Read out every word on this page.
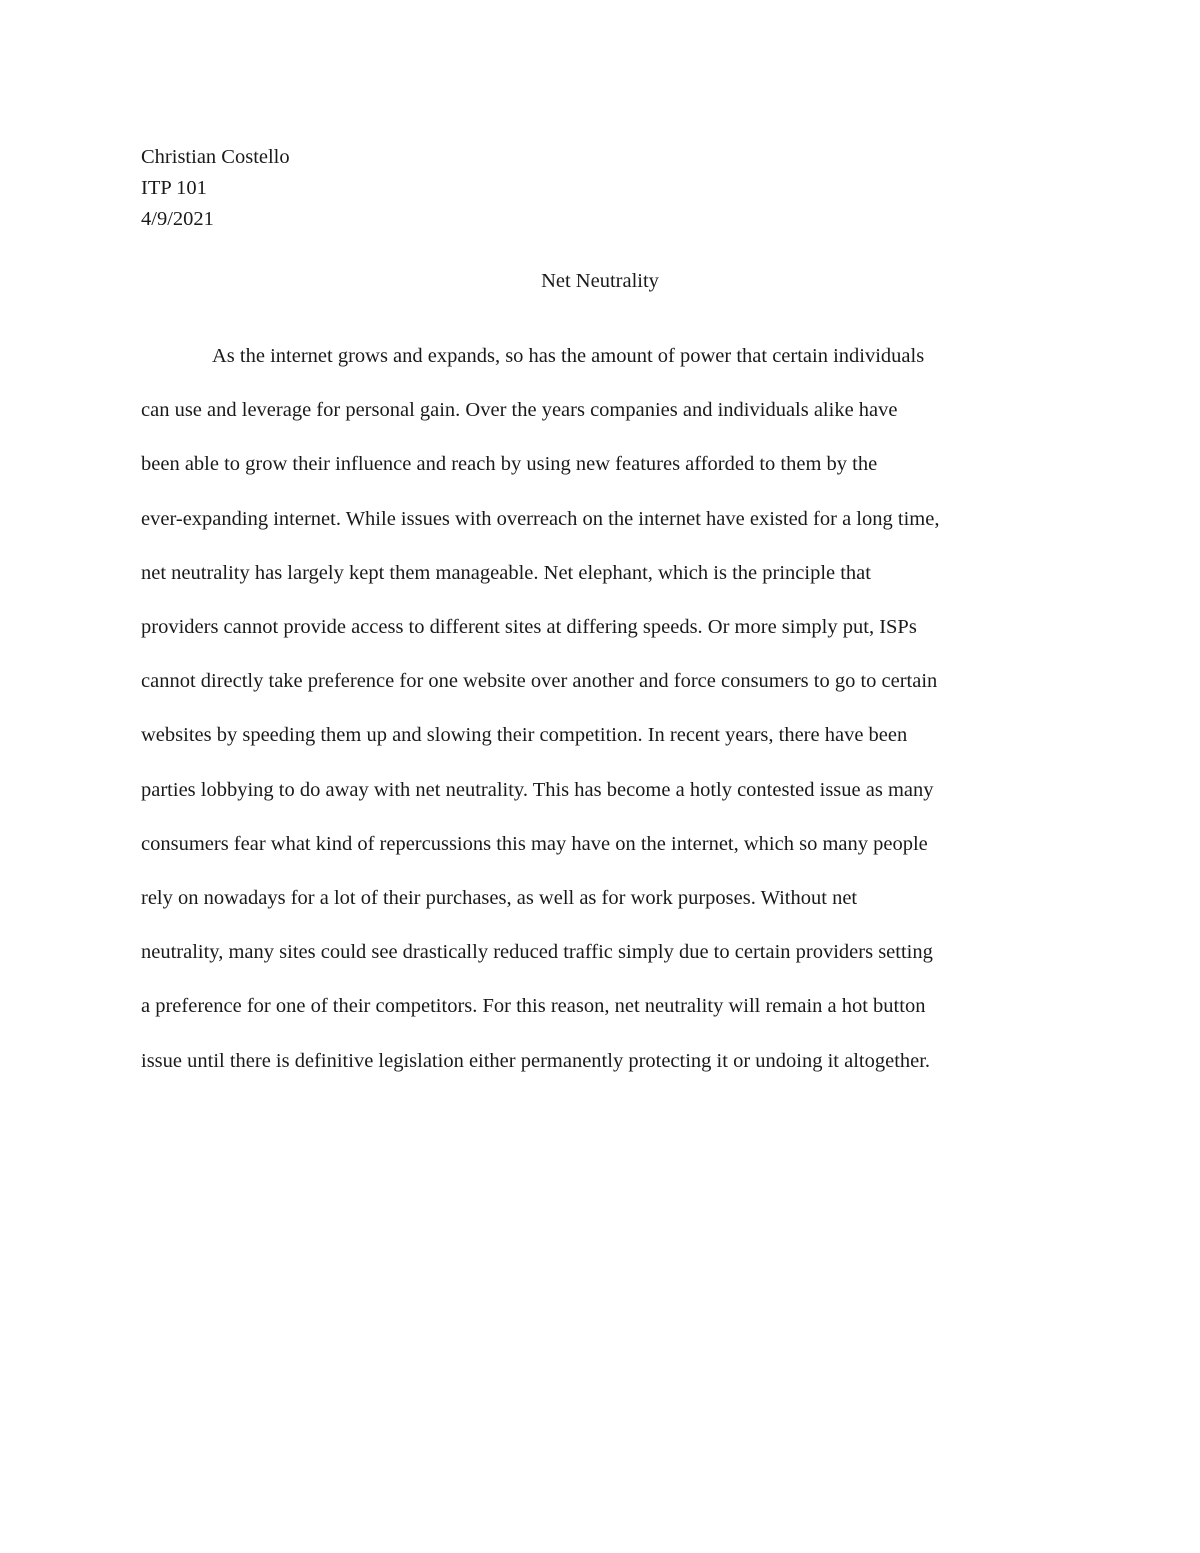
Christian Costello
ITP 101
4/9/2021
Net Neutrality
As the internet grows and expands, so has the amount of power that certain individuals
can use and leverage for personal gain. Over the years companies and individuals alike have
been able to grow their influence and reach by using new features afforded to them by the
ever-expanding internet. While issues with overreach on the internet have existed for a long time,
net neutrality has largely kept them manageable. Net elephant, which is the principle that
providers cannot provide access to different sites at differing speeds. Or more simply put, ISPs
cannot directly take preference for one website over another and force consumers to go to certain
websites by speeding them up and slowing their competition. In recent years, there have been
parties lobbying to do away with net neutrality. This has become a hotly contested issue as many
consumers fear what kind of repercussions this may have on the internet, which so many people
rely on nowadays for a lot of their purchases, as well as for work purposes. Without net
neutrality, many sites could see drastically reduced traffic simply due to certain providers setting
a preference for one of their competitors. For this reason, net neutrality will remain a hot button
issue until there is definitive legislation either permanently protecting it or undoing it altogether.
